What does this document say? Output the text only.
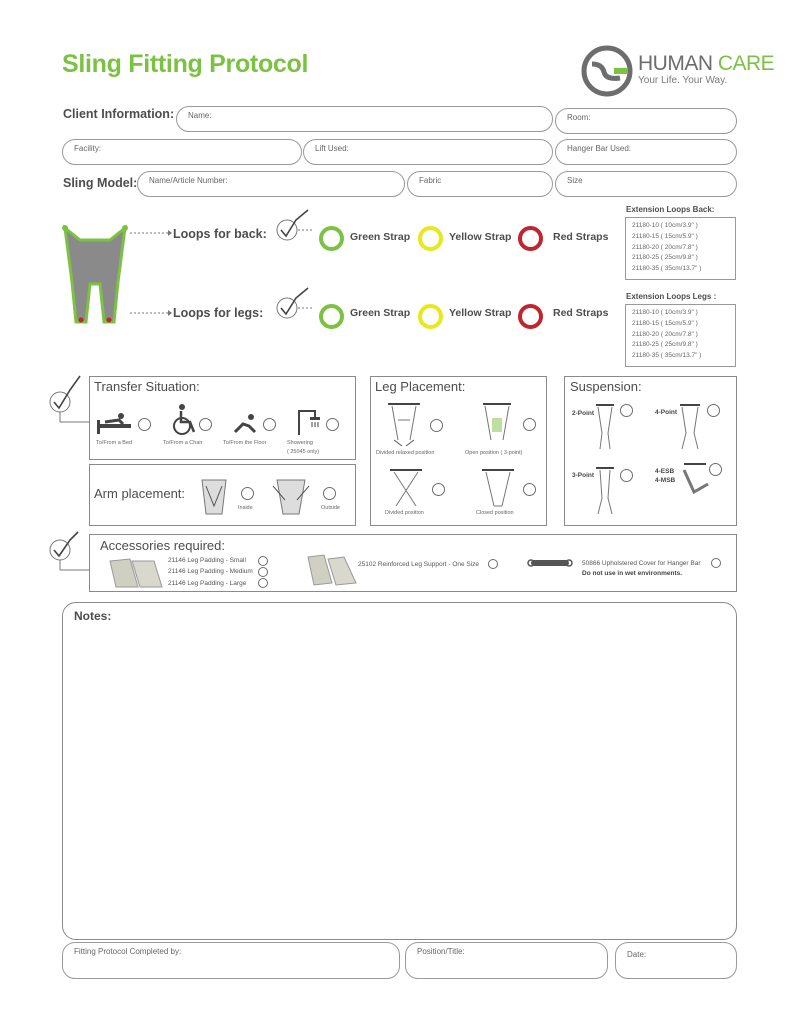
Sling Fitting Protocol	HUMAN CARE
Your Life. Your Way.
Client Information: Name:	Room:
Facility:	Lift Used:	Hanger Bar Used:
Sling Model: Name/Article Number:	Fabric	Size
Loops for back:
Loops for legs:
Green Strap	Yellow Strap	Red Straps
Green Strap	Yellow Strap	Red Straps
Extension Loops Back:
21180-10 ( 10cm/3.9" )
21180-15 ( 15cm/5.9" )
21180-20 ( 20cm/7.8" )
21180-25 ( 25cm/9.8" )
21180-35 ( 35cm/13.7" )
Extension Loops Legs :
21180-10 ( 10cm/3.9" )
21180-15 ( 15cm/5.9" )
21180-20 ( 20cm/7.8" )
21180-25 ( 25cm/9.8" )
21180-35 ( 35cm/13.7" )
Transfer Situation:
To/From a Bed	To/From a Chair	To/From the Floor	Showering
( 25045 only)
Arm placement:
Inside	Outside
Leg Placement:
Divided relaxed position	Open position ( 3-point)
Divided position	Closed position
Suspension:
2-Point	4-Point
3-Point
4-ESB
4-MSB
Accessories required:
21146 Leg Padding - Small
21146 Leg Padding - Medium
21146 Leg Padding - Large
25102 Reinforced Leg Support - One Size	50866 Upholstered Cover for Hanger Bar
Do not use in wet environments.
Notes:
Fitting Protocol Completed by:	Position/Title:	Date:
